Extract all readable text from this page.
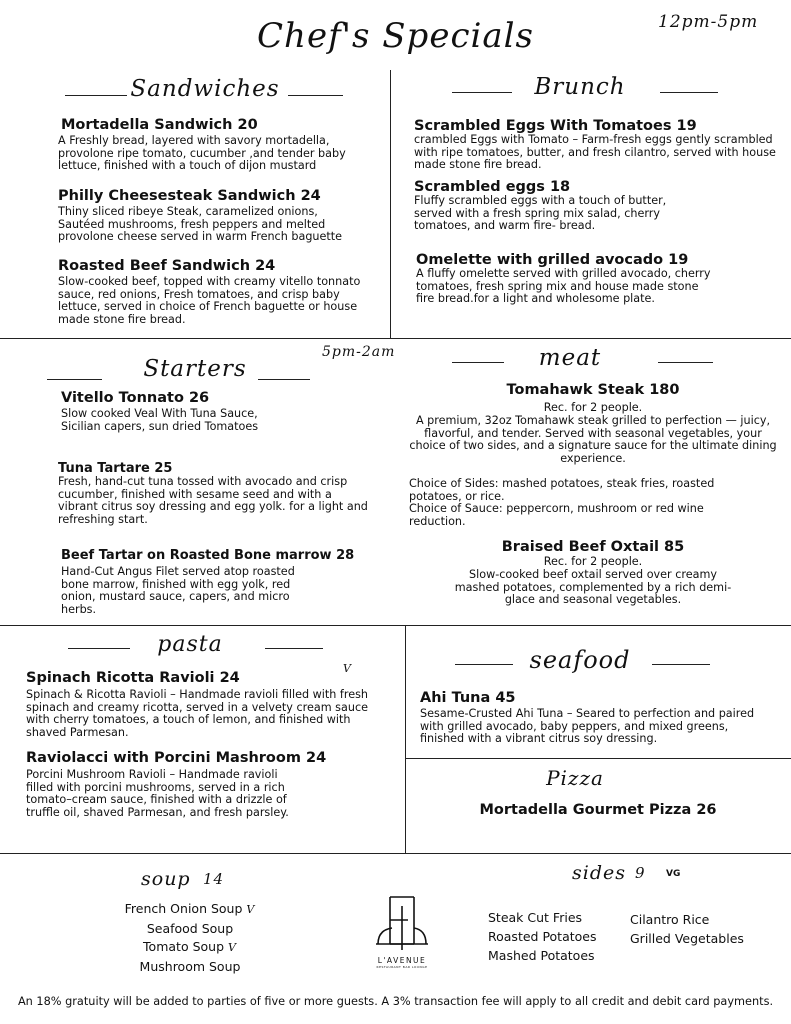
Chef's Specials	12pm-5pm
Sandwiches
Mortadella Sandwich 20
A Freshly bread, layered with savory mortadella, provolone ripe tomato, cucumber ,and tender baby lettuce, finished with a touch of dijon mustard
Philly Cheesesteak Sandwich 24
Thiny sliced ribeye Steak, caramelized onions, Sautéed mushrooms, fresh peppers and melted provolone cheese served in warm French baguette
Roasted Beef Sandwich 24
Slow-cooked beef, topped with creamy vitello tonnato sauce, red onions, Fresh tomatoes, and crisp baby lettuce, served in choice of French baguette or house made stone fire bread.
Brunch
Scrambled Eggs With Tomatoes 19
crambled Eggs with Tomato – Farm-fresh eggs gently scrambled with ripe tomatoes, butter, and fresh cilantro, served with house made stone fire bread.
Scrambled eggs 18
Fluffy scrambled eggs with a touch of butter, served with a fresh spring mix salad, cherry tomatoes, and warm fire- bread.
Omelette with grilled avocado 19
A fluffy omelette served with grilled avocado, cherry tomatoes, fresh spring mix and house made stone fire bread.for a light and wholesome plate.
Starters
5pm-2am
Vitello Tonnato 26
Slow cooked Veal With Tuna Sauce, Sicilian capers, sun dried Tomatoes
Tuna Tartare 25
Fresh, hand-cut tuna tossed with avocado and crisp cucumber, finished with sesame seed and with a vibrant citrus soy dressing and egg yolk. for a light and refreshing start.
Beef Tartar on Roasted Bone marrow 28
Hand-Cut Angus Filet served atop roasted bone marrow, finished with egg yolk, red onion, mustard sauce, capers, and micro herbs.
meat
Tomahawk Steak 180
Rec. for 2 people.
A premium, 32oz Tomahawk steak grilled to perfection — juicy, flavorful, and tender. Served with seasonal vegetables, your choice of two sides, and a signature sauce for the ultimate dining experience.
Choice of Sides: mashed potatoes, steak fries, roasted potatoes, or rice.
Choice of Sauce: peppercorn, mushroom or red wine reduction.
Braised Beef Oxtail 85
Rec. for 2 people.
Slow-cooked beef oxtail served over creamy mashed potatoes, complemented by a rich demi-glace and seasonal vegetables.
pasta
V
Spinach Ricotta Ravioli 24
Spinach & Ricotta Ravioli – Handmade ravioli filled with fresh spinach and creamy ricotta, served in a velvety cream sauce with cherry tomatoes, a touch of lemon, and finished with shaved Parmesan.
Raviolacci with Porcini Mashroom 24
Porcini Mushroom Ravioli – Handmade ravioli filled with porcini mushrooms, served in a rich tomato–cream sauce, finished with a drizzle of truffle oil, shaved Parmesan, and fresh parsley.
seafood
Ahi Tuna 45
Sesame-Crusted Ahi Tuna – Seared to perfection and paired with grilled avocado, baby peppers, and mixed greens, finished with a vibrant citrus soy dressing.
Pizza
Mortadella Gourmet Pizza 26
soup 14
French Onion Soup V
Seafood Soup
Tomato Soup V
Mushroom Soup	L'AVENUE
RESTAURANT BAR LOUNGE
sides 9 VG
Steak Cut Fries
Roasted Potatoes
Mashed Potatoes
Cilantro Rice
Grilled Vegetables
An 18% gratuity will be added to parties of five or more guests. A 3% transaction fee will apply to all credit and debit card payments.
